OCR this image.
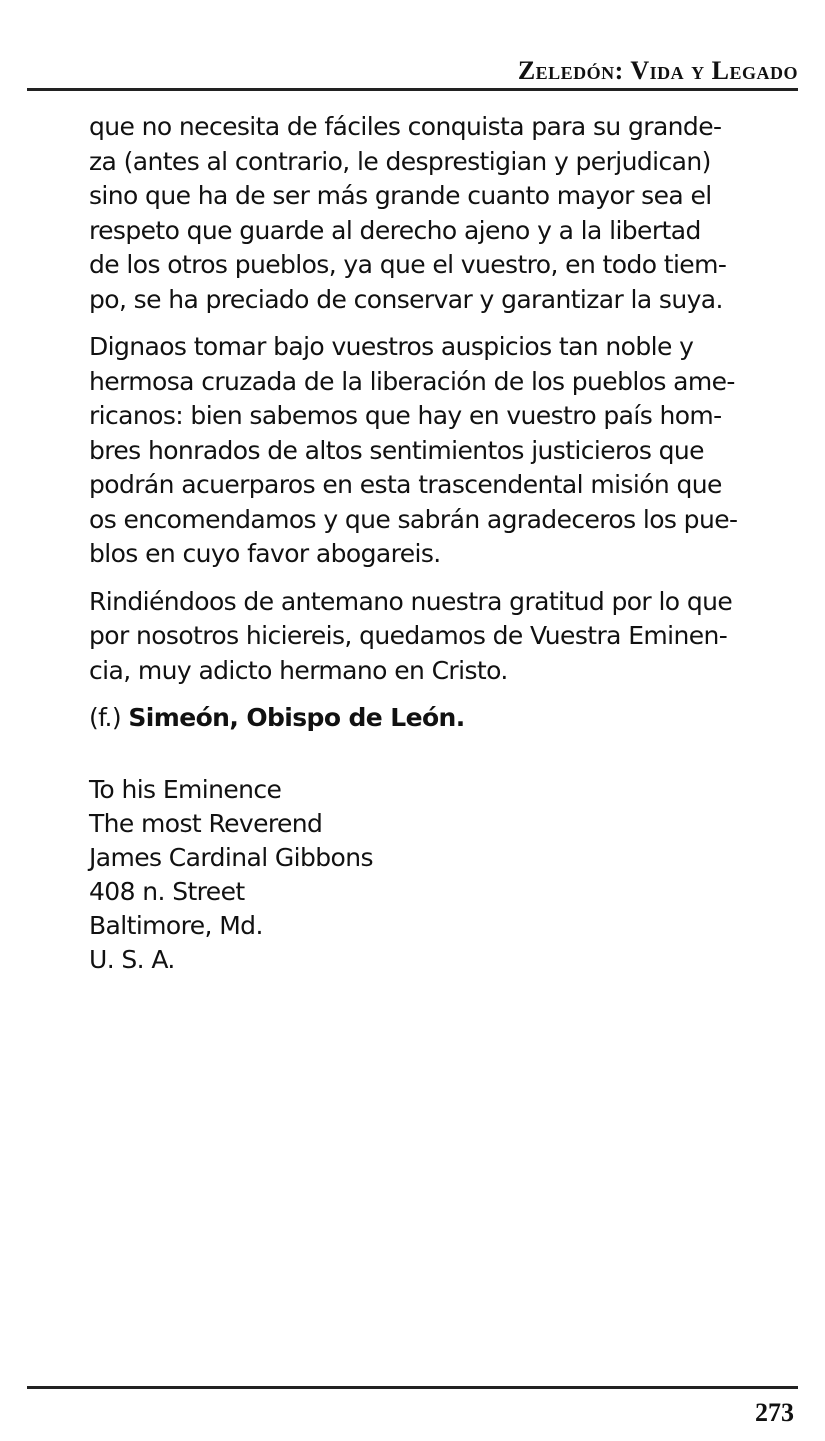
Zeledón: Vida y Legado

que no necesita de fáciles conquista para su grande-
za (antes al contrario, le desprestigian y perjudican)
sino que ha de ser más grande cuanto mayor sea el
respeto que guarde al derecho ajeno y a la libertad
de los otros pueblos, ya que el vuestro, en todo tiem-
po, se ha preciado de conservar y garantizar la suya.

Dignaos tomar bajo vuestros auspicios tan noble y
hermosa cruzada de la liberación de los pueblos ame-
ricanos: bien sabemos que hay en vuestro país hom-
bres honrados de altos sentimientos justicieros que
podrán acuerparos en esta trascendental misión que
os encomendamos y que sabrán agradeceros los pue-
blos en cuyo favor abogareis.

Rindiéndoos de antemano nuestra gratitud por lo que
por nosotros hiciereis, quedamos de Vuestra Eminen-
cia, muy adicto hermano en Cristo.

(f.) Simeón, Obispo de León.

To his Eminence
The most Reverend
James Cardinal Gibbons
408 n. Street
Baltimore, Md.
U. S. A.
273
